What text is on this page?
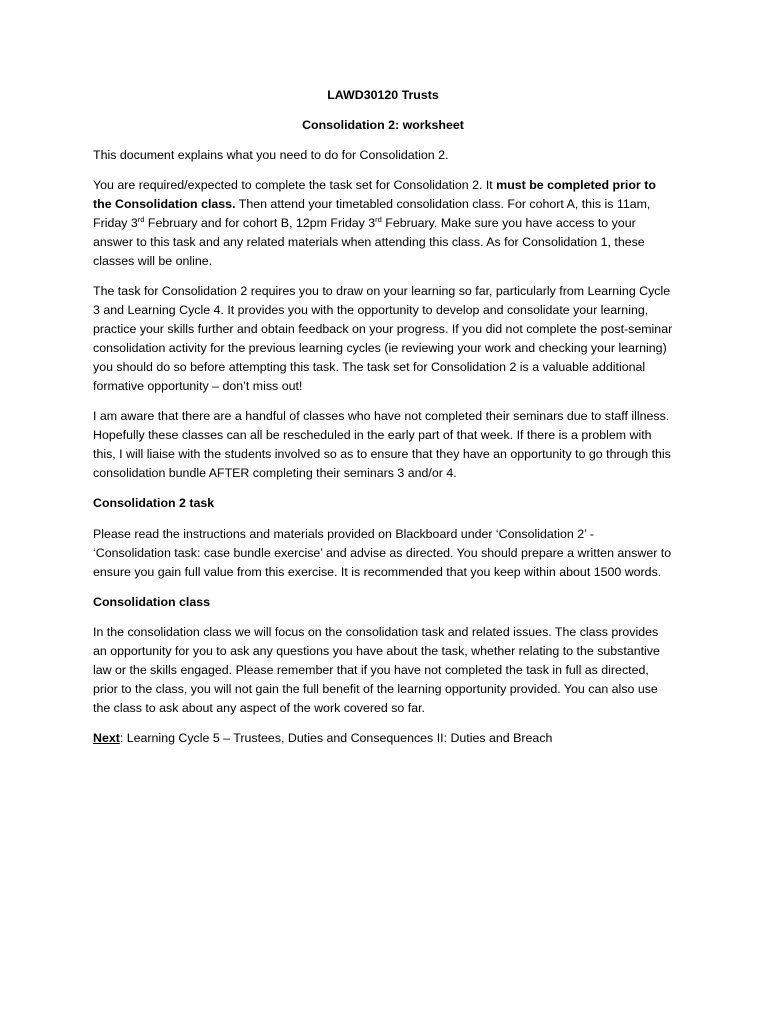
LAWD30120 Trusts
Consolidation 2: worksheet

This document explains what you need to do for Consolidation 2.

You are required/expected to complete the task set for Consolidation 2. It must be completed prior to the Consolidation class. Then attend your timetabled consolidation class. For cohort A, this is 11am, Friday 3rd February and for cohort B, 12pm Friday 3rd February. Make sure you have access to your answer to this task and any related materials when attending this class. As for Consolidation 1, these classes will be online.

The task for Consolidation 2 requires you to draw on your learning so far, particularly from Learning Cycle 3 and Learning Cycle 4. It provides you with the opportunity to develop and consolidate your learning, practice your skills further and obtain feedback on your progress. If you did not complete the post-seminar consolidation activity for the previous learning cycles (ie reviewing your work and checking your learning) you should do so before attempting this task. The task set for Consolidation 2 is a valuable additional formative opportunity – don’t miss out!

I am aware that there are a handful of classes who have not completed their seminars due to staff illness. Hopefully these classes can all be rescheduled in the early part of that week. If there is a problem with this, I will liaise with the students involved so as to ensure that they have an opportunity to go through this consolidation bundle AFTER completing their seminars 3 and/or 4.

Consolidation 2 task

Please read the instructions and materials provided on Blackboard under ‘Consolidation 2’ - ‘Consolidation task: case bundle exercise’ and advise as directed. You should prepare a written answer to ensure you gain full value from this exercise. It is recommended that you keep within about 1500 words.

Consolidation class

In the consolidation class we will focus on the consolidation task and related issues. The class provides an opportunity for you to ask any questions you have about the task, whether relating to the substantive law or the skills engaged. Please remember that if you have not completed the task in full as directed, prior to the class, you will not gain the full benefit of the learning opportunity provided. You can also use the class to ask about any aspect of the work covered so far.

Next: Learning Cycle 5 – Trustees, Duties and Consequences II: Duties and Breach
